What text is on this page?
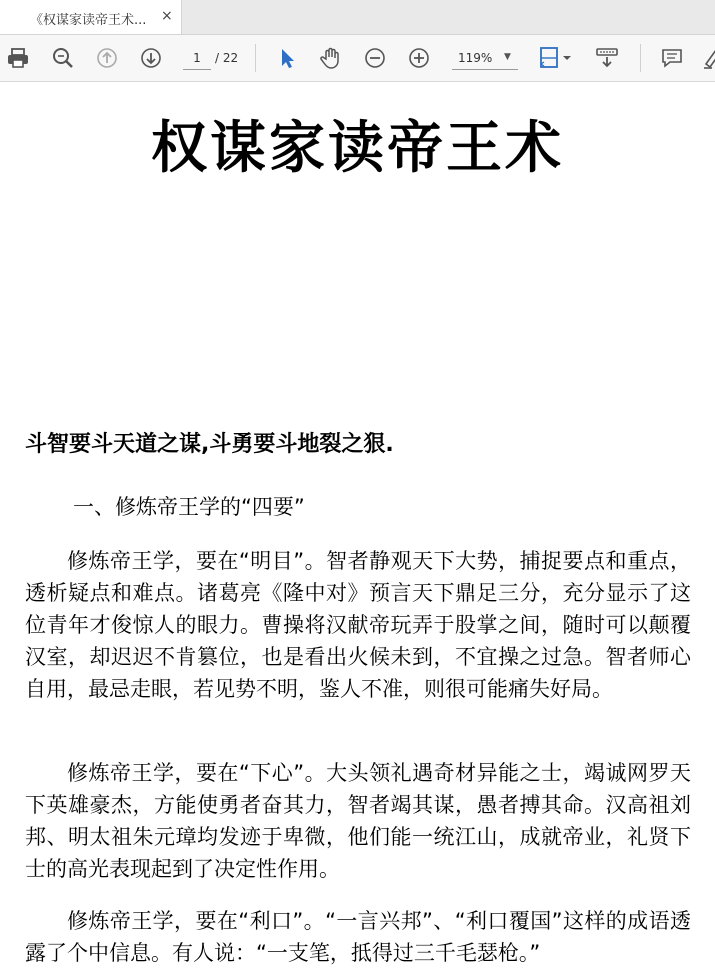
《权谋家读帝王术... ×
1
/ 22	119% ▼
权谋家读帝王术
斗智要斗天道之谋,斗勇要斗地裂之狠.
一、修炼帝王学的“四要”

修炼帝王学，要在“明目”。智者静观天下大势，捕捉要点和重点，透析疑点和难点。诸葛亮《隆中对》预言天下鼎足三分，充分显示了这位青年才俊惊人的眼力。曹操将汉献帝玩弄于股掌之间，随时可以颠覆汉室，却迟迟不肯篡位，也是看出火候未到，不宜操之过急。智者师心自用，最忌走眼，若见势不明，鉴人不准，则很可能痛失好局。

修炼帝王学，要在“下心”。大头领礼遇奇材异能之士，竭诚网罗天下英雄豪杰，方能使勇者奋其力，智者竭其谋，愚者搏其命。汉高祖刘邦、明太祖朱元璋均发迹于卑微，他们能一统江山，成就帝业，礼贤下士的高光表现起到了决定性作用。

修炼帝王学，要在“利口”。“一言兴邦”、“利口覆国”这样的成语透露了个中信息。有人说：“一支笔，抵得过三千毛瑟枪。”
